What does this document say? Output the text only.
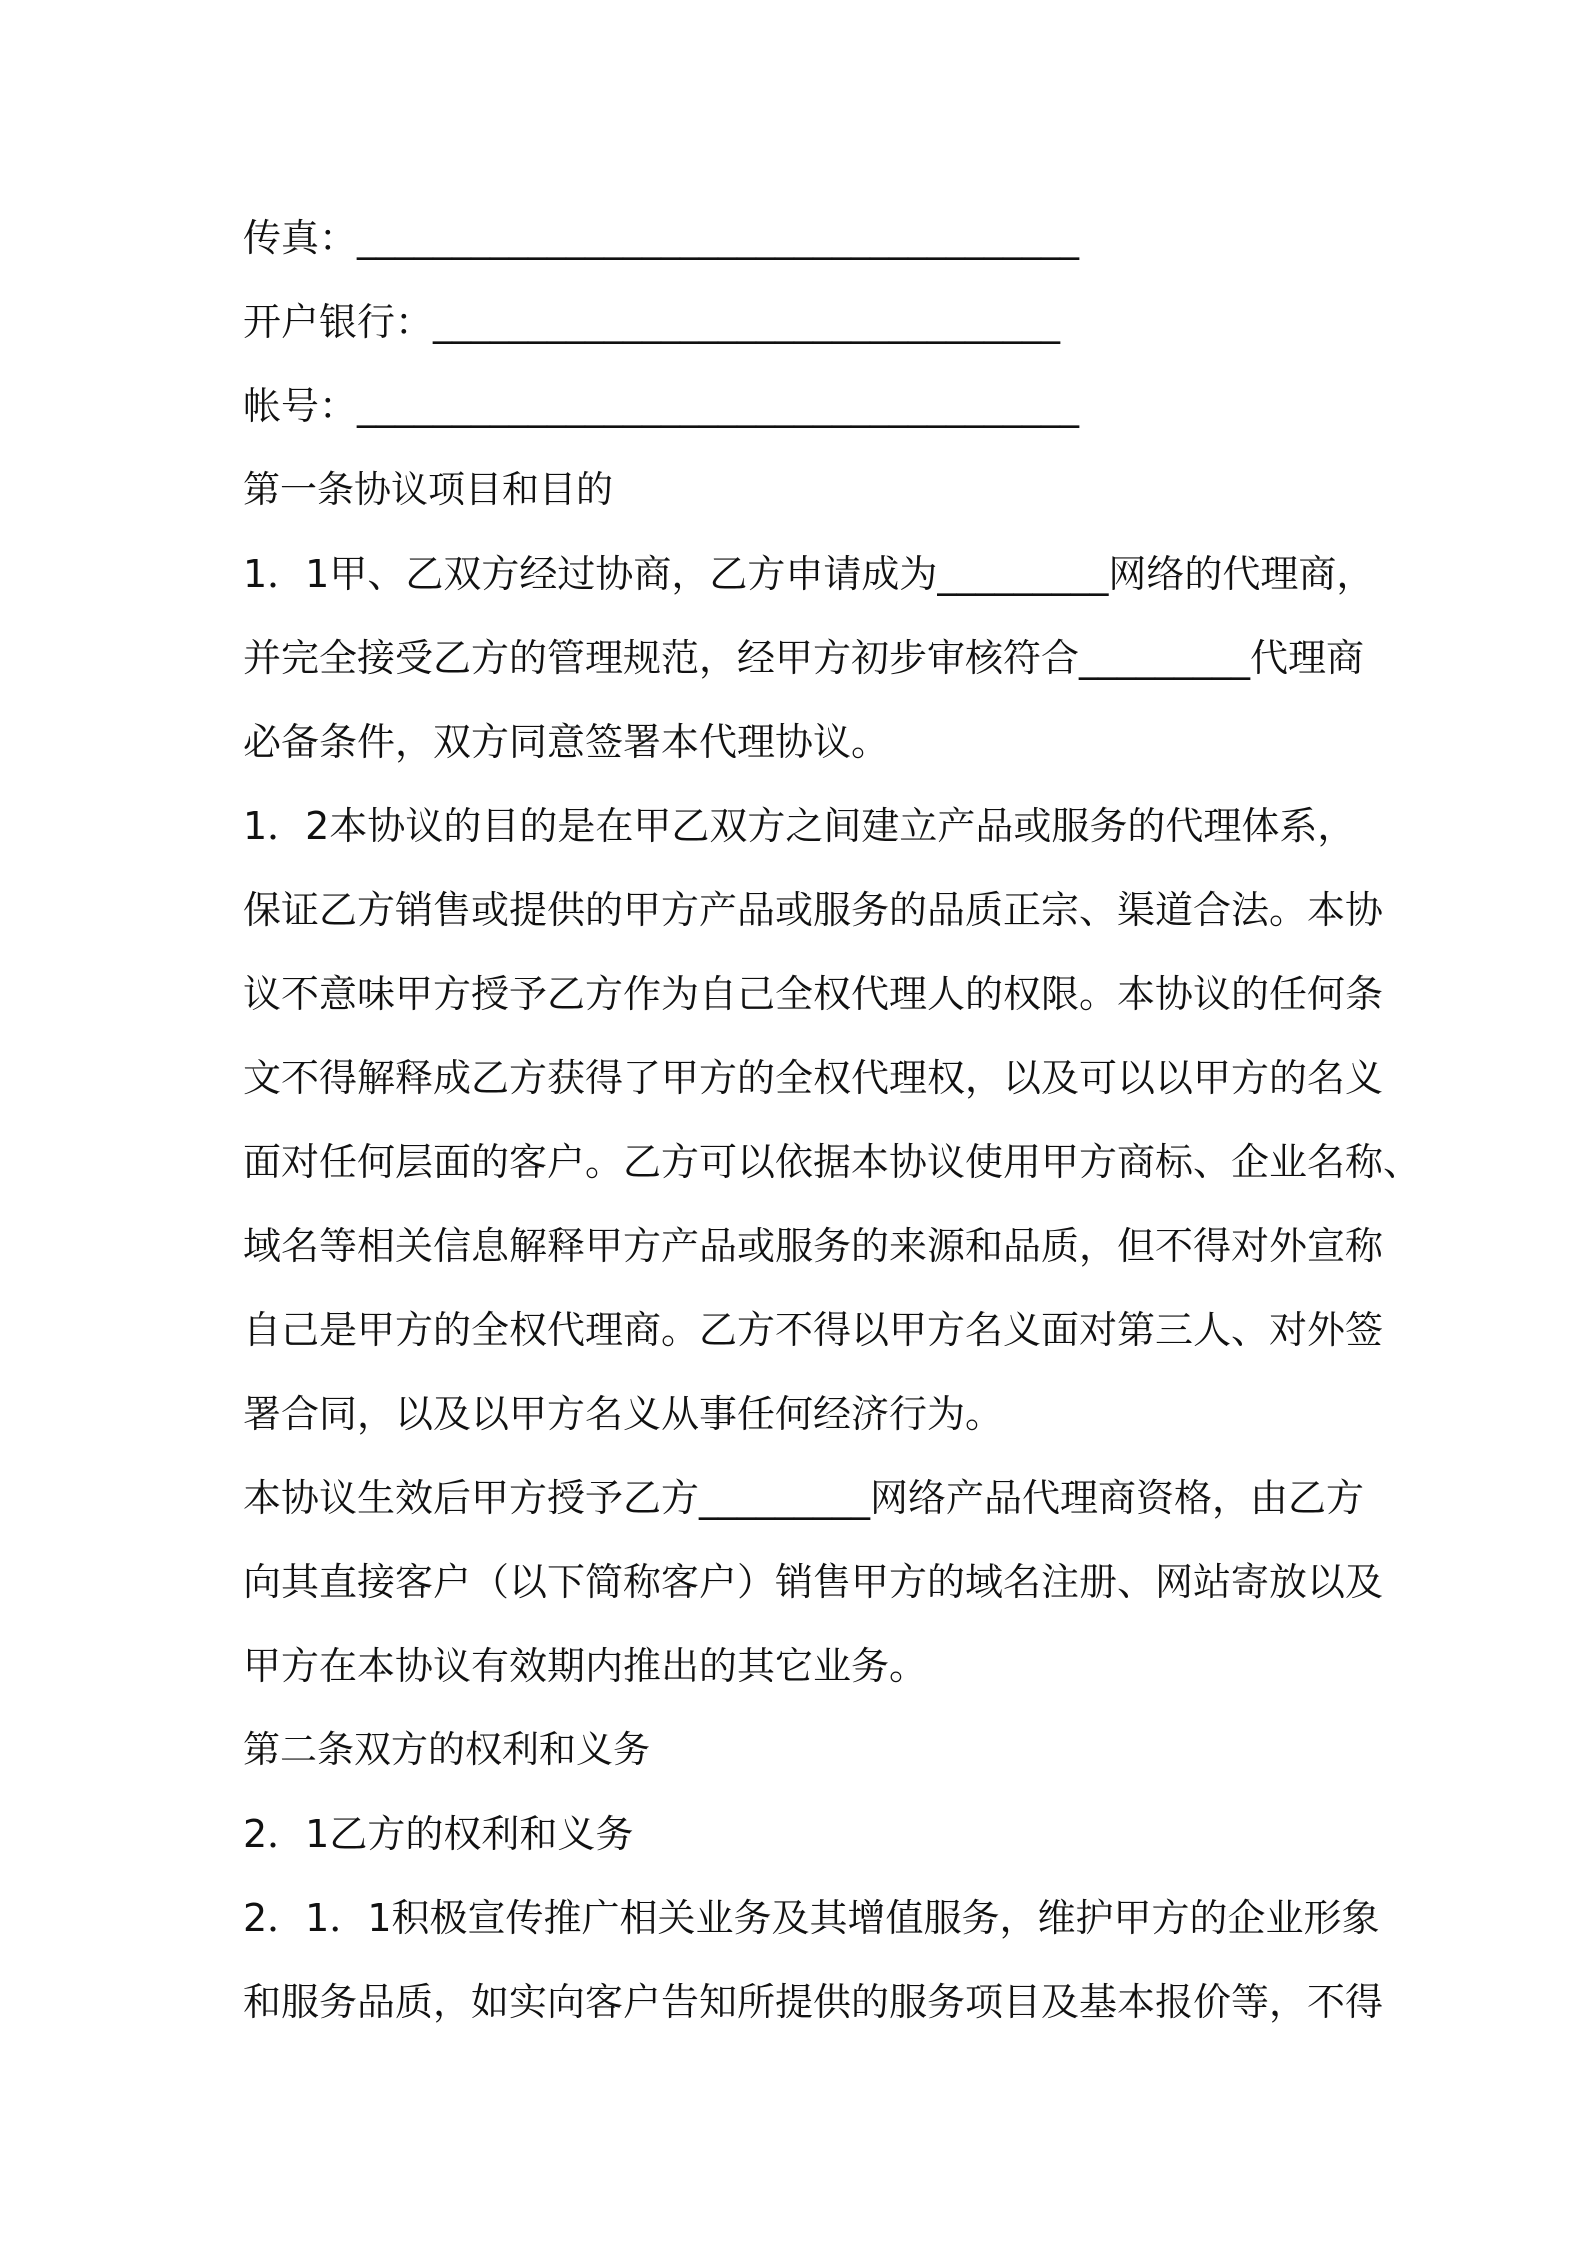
传真：______________________________________
开户银行：_________________________________
帐号：______________________________________
第一条协议项目和目的
1．1甲、乙双方经过协商，乙方申请成为_________网络的代理商，
并完全接受乙方的管理规范，经甲方初步审核符合_________代理商
必备条件，双方同意签署本代理协议。
1．2本协议的目的是在甲乙双方之间建立产品或服务的代理体系，
保证乙方销售或提供的甲方产品或服务的品质正宗、渠道合法。本协
议不意味甲方授予乙方作为自己全权代理人的权限。本协议的任何条
文不得解释成乙方获得了甲方的全权代理权，以及可以以甲方的名义
面对任何层面的客户。乙方可以依据本协议使用甲方商标、企业名称、
域名等相关信息解释甲方产品或服务的来源和品质，但不得对外宣称
自己是甲方的全权代理商。乙方不得以甲方名义面对第三人、对外签
署合同，以及以甲方名义从事任何经济行为。
本协议生效后甲方授予乙方_________网络产品代理商资格，由乙方
向其直接客户（以下简称客户）销售甲方的域名注册、网站寄放以及
甲方在本协议有效期内推出的其它业务。
第二条双方的权利和义务
2．1乙方的权利和义务
2．1．1积极宣传推广相关业务及其增值服务，维护甲方的企业形象
和服务品质，如实向客户告知所提供的服务项目及基本报价等，不得
